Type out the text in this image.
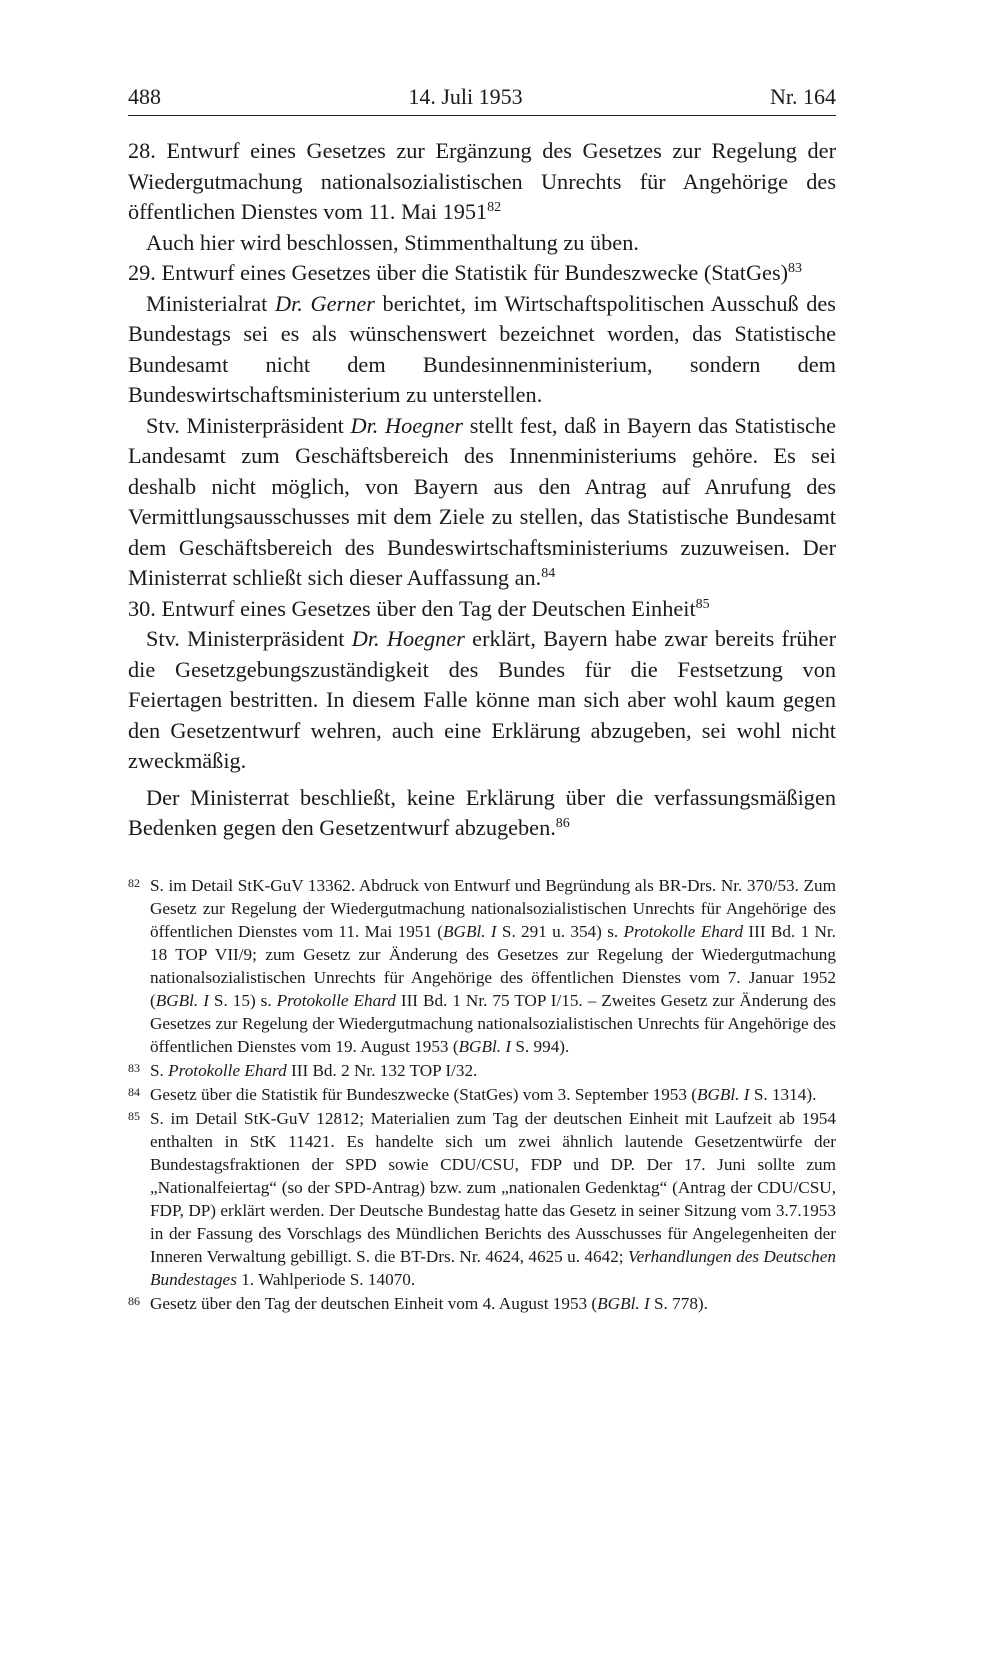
488	14. Juli 1953	Nr. 164

28. Entwurf eines Gesetzes zur Ergänzung des Gesetzes zur Regelung der Wiedergutmachung nationalsozialistischen Unrechts für Angehörige des öffentlichen Dienstes vom 11. Mai 1951$^{82}$

Auch hier wird beschlossen, Stimmenthaltung zu üben.

29. Entwurf eines Gesetzes über die Statistik für Bundeszwecke (StatGes)$^{83}$

Ministerialrat Dr. Gerner berichtet, im Wirtschaftspolitischen Ausschuß des Bundestags sei es als wünschenswert bezeichnet worden, das Statistische Bundesamt nicht dem Bundesinnenministerium, sondern dem Bundeswirtschaftsministerium zu unterstellen.

Stv. Ministerpräsident Dr. Hoegner stellt fest, daß in Bayern das Statistische Landesamt zum Geschäftsbereich des Innenministeriums gehöre. Es sei deshalb nicht möglich, von Bayern aus den Antrag auf Anrufung des Vermittlungsausschusses mit dem Ziele zu stellen, das Statistische Bundesamt dem Geschäftsbereich des Bundeswirtschaftsministeriums zuzuweisen. Der Ministerrat schließt sich dieser Auffassung an.$^{84}$

30. Entwurf eines Gesetzes über den Tag der Deutschen Einheit$^{85}$

Stv. Ministerpräsident Dr. Hoegner erklärt, Bayern habe zwar bereits früher die Gesetzgebungszuständigkeit des Bundes für die Festsetzung von Feiertagen bestritten. In diesem Falle könne man sich aber wohl kaum gegen den Gesetzentwurf wehren, auch eine Erklärung abzugeben, sei wohl nicht zweckmäßig.

Der Ministerrat beschließt, keine Erklärung über die verfassungsmäßigen Bedenken gegen den Gesetzentwurf abzugeben.$^{86}$

82 S. im Detail StK-GuV 13362. Abdruck von Entwurf und Begründung als BR-Drs. Nr. 370/53. Zum Gesetz zur Regelung der Wiedergutmachung nationalsozialistischen Unrechts für Angehörige des öffentlichen Dienstes vom 11. Mai 1951 (BGBl. I S. 291 u. 354) s. Protokolle Ehard III Bd. 1 Nr. 18 TOP VII/9; zum Gesetz zur Änderung des Gesetzes zur Regelung der Wiedergutmachung nationalsozialistischen Unrechts für Angehörige des öffentlichen Dienstes vom 7. Januar 1952 (BGBl. I S. 15) s. Protokolle Ehard III Bd. 1 Nr. 75 TOP I/15. – Zweites Gesetz zur Änderung des Gesetzes zur Regelung der Wiedergutmachung nationalsozialistischen Unrechts für Angehörige des öffentlichen Dienstes vom 19. August 1953 (BGBl. I S. 994).
83 S. Protokolle Ehard III Bd. 2 Nr. 132 TOP I/32.
84 Gesetz über die Statistik für Bundeszwecke (StatGes) vom 3. September 1953 (BGBl. I S. 1314).
85 S. im Detail StK-GuV 12812; Materialien zum Tag der deutschen Einheit mit Laufzeit ab 1954 enthalten in StK 11421. Es handelte sich um zwei ähnlich lautende Gesetzentwürfe der Bundestagsfraktionen der SPD sowie CDU/CSU, FDP und DP. Der 17. Juni sollte zum „Nationalfeiertag“ (so der SPD-Antrag) bzw. zum „nationalen Gedenktag“ (Antrag der CDU/CSU, FDP, DP) erklärt werden. Der Deutsche Bundestag hatte das Gesetz in seiner Sitzung vom 3.7.1953 in der Fassung des Vorschlags des Mündlichen Berichts des Ausschusses für Angelegenheiten der Inneren Verwaltung gebilligt. S. die BT-Drs. Nr. 4624, 4625 u. 4642; Verhandlungen des Deutschen Bundestages 1. Wahlperiode S. 14070.
86 Gesetz über den Tag der deutschen Einheit vom 4. August 1953 (BGBl. I S. 778).
